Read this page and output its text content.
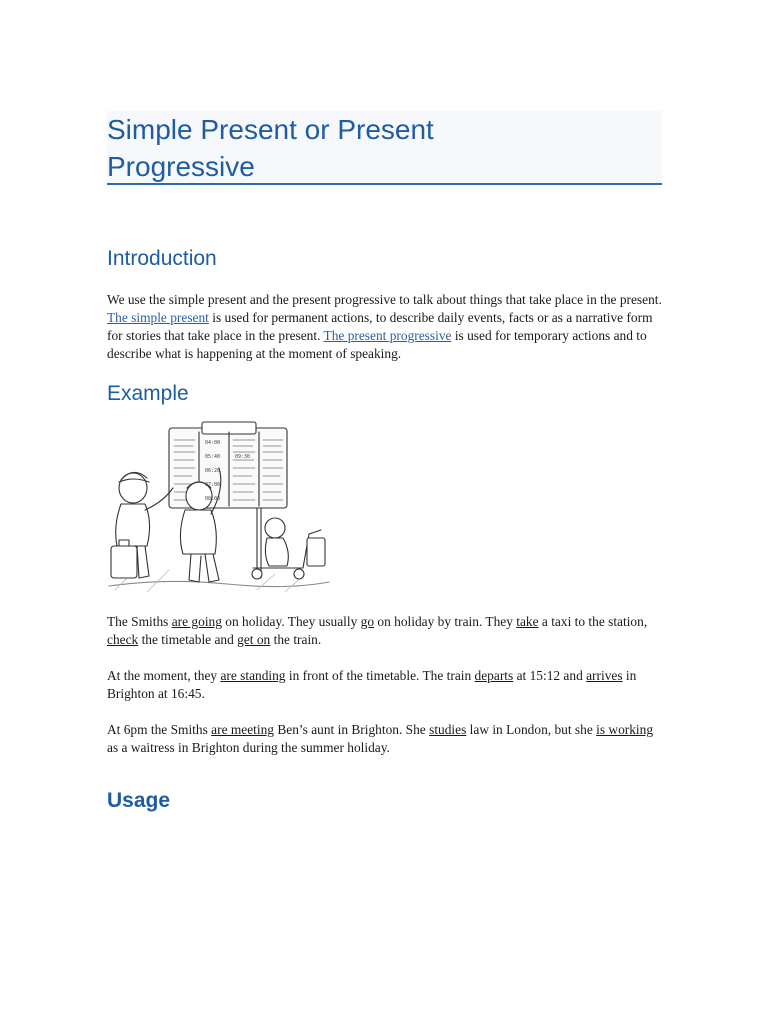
Simple Present or Present Progressive
Introduction

We use the simple present and the present progressive to talk about things that take place in the present. The simple present is used for permanent actions, to describe daily events, facts or as a narrative form for stories that take place in the present. The present progressive is used for temporary actions and to describe what is happening at the moment of speaking.

Example
04:00
05:40
06:20
07:00
08:00
09:30

The Smiths are going on holiday. They usually go on holiday by train. They take a taxi to the station, check the timetable and get on the train.

At the moment, they are standing in front of the timetable. The train departs at 15:12 and arrives in Brighton at 16:45.

At 6pm the Smiths are meeting Ben’s aunt in Brighton. She studies law in London, but she is working as a waitress in Brighton during the summer holiday.

Usage
